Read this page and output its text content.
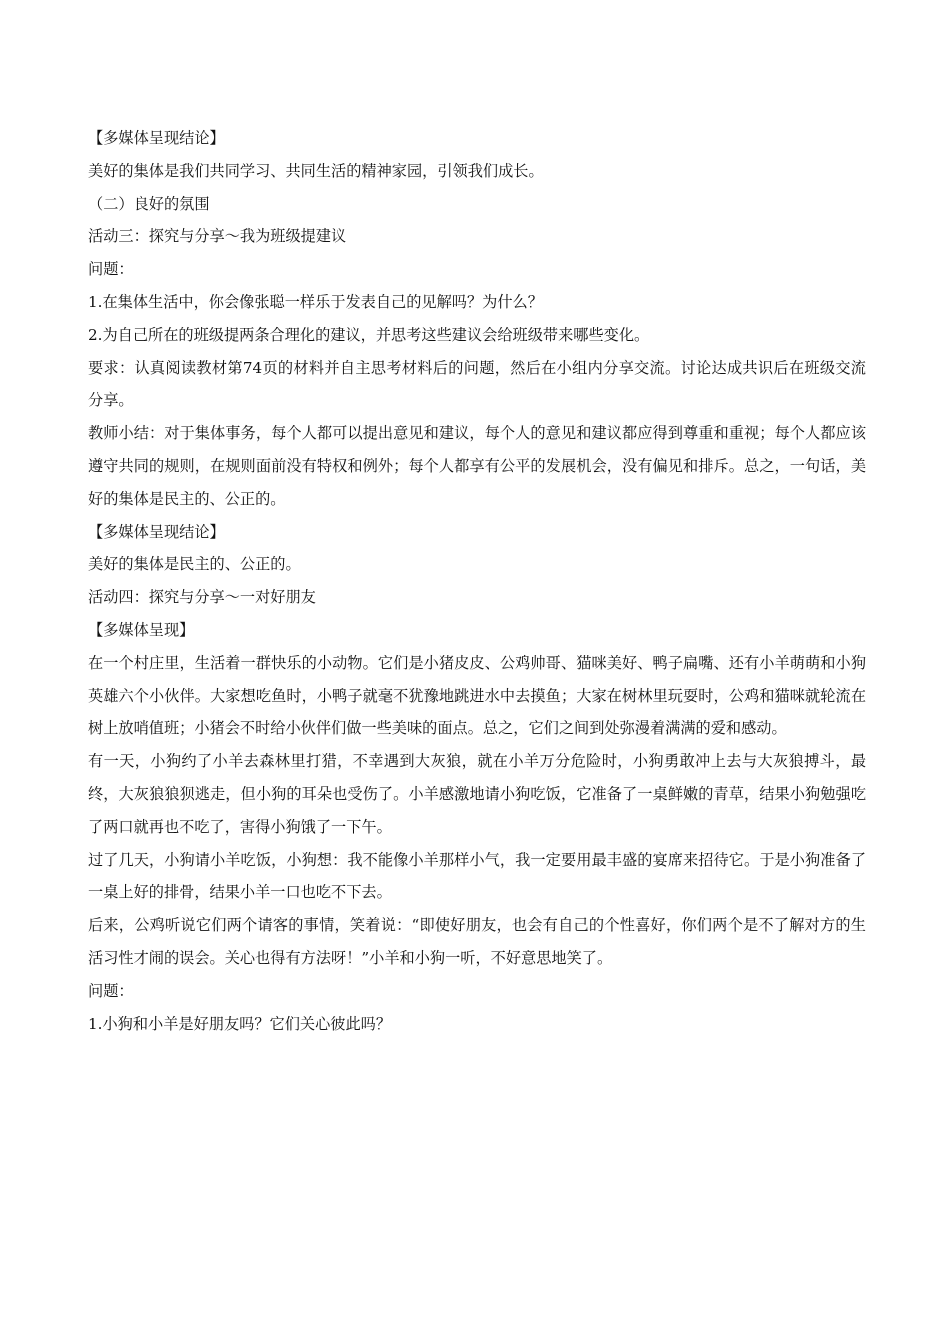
【多媒体呈现结论】

美好的集体是我们共同学习、共同生活的精神家园，引领我们成长。

（二）良好的氛围

活动三：探究与分享～我为班级提建议

问题：

1.在集体生活中，你会像张聪一样乐于发表自己的见解吗？为什么？

2.为自己所在的班级提两条合理化的建议，并思考这些建议会给班级带来哪些变化。

要求：认真阅读教材第74页的材料并自主思考材料后的问题，然后在小组内分享交流。讨论达成共识后在班级交流分享。

教师小结：对于集体事务，每个人都可以提出意见和建议，每个人的意见和建议都应得到尊重和重视；每个人都应该遵守共同的规则，在规则面前没有特权和例外；每个人都享有公平的发展机会，没有偏见和排斥。总之，一句话，美好的集体是民主的、公正的。

【多媒体呈现结论】

美好的集体是民主的、公正的。

活动四：探究与分享～一对好朋友

【多媒体呈现】

在一个村庄里，生活着一群快乐的小动物。它们是小猪皮皮、公鸡帅哥、猫咪美好、鸭子扁嘴、还有小羊萌萌和小狗英雄六个小伙伴。大家想吃鱼时，小鸭子就毫不犹豫地跳进水中去摸鱼；大家在树林里玩耍时，公鸡和猫咪就轮流在树上放哨值班；小猪会不时给小伙伴们做一些美味的面点。总之，它们之间到处弥漫着满满的爱和感动。

有一天，小狗约了小羊去森林里打猎，不幸遇到大灰狼，就在小羊万分危险时，小狗勇敢冲上去与大灰狼搏斗，最终，大灰狼狼狈逃走，但小狗的耳朵也受伤了。小羊感激地请小狗吃饭，它准备了一桌鲜嫩的青草，结果小狗勉强吃了两口就再也不吃了，害得小狗饿了一下午。

过了几天，小狗请小羊吃饭，小狗想：我不能像小羊那样小气，我一定要用最丰盛的宴席来招待它。于是小狗准备了一桌上好的排骨，结果小羊一口也吃不下去。

后来，公鸡听说它们两个请客的事情，笑着说：“即使好朋友，也会有自己的个性喜好，你们两个是不了解对方的生活习性才闹的误会。关心也得有方法呀！”小羊和小狗一听，不好意思地笑了。

问题：

1.小狗和小羊是好朋友吗？它们关心彼此吗？
